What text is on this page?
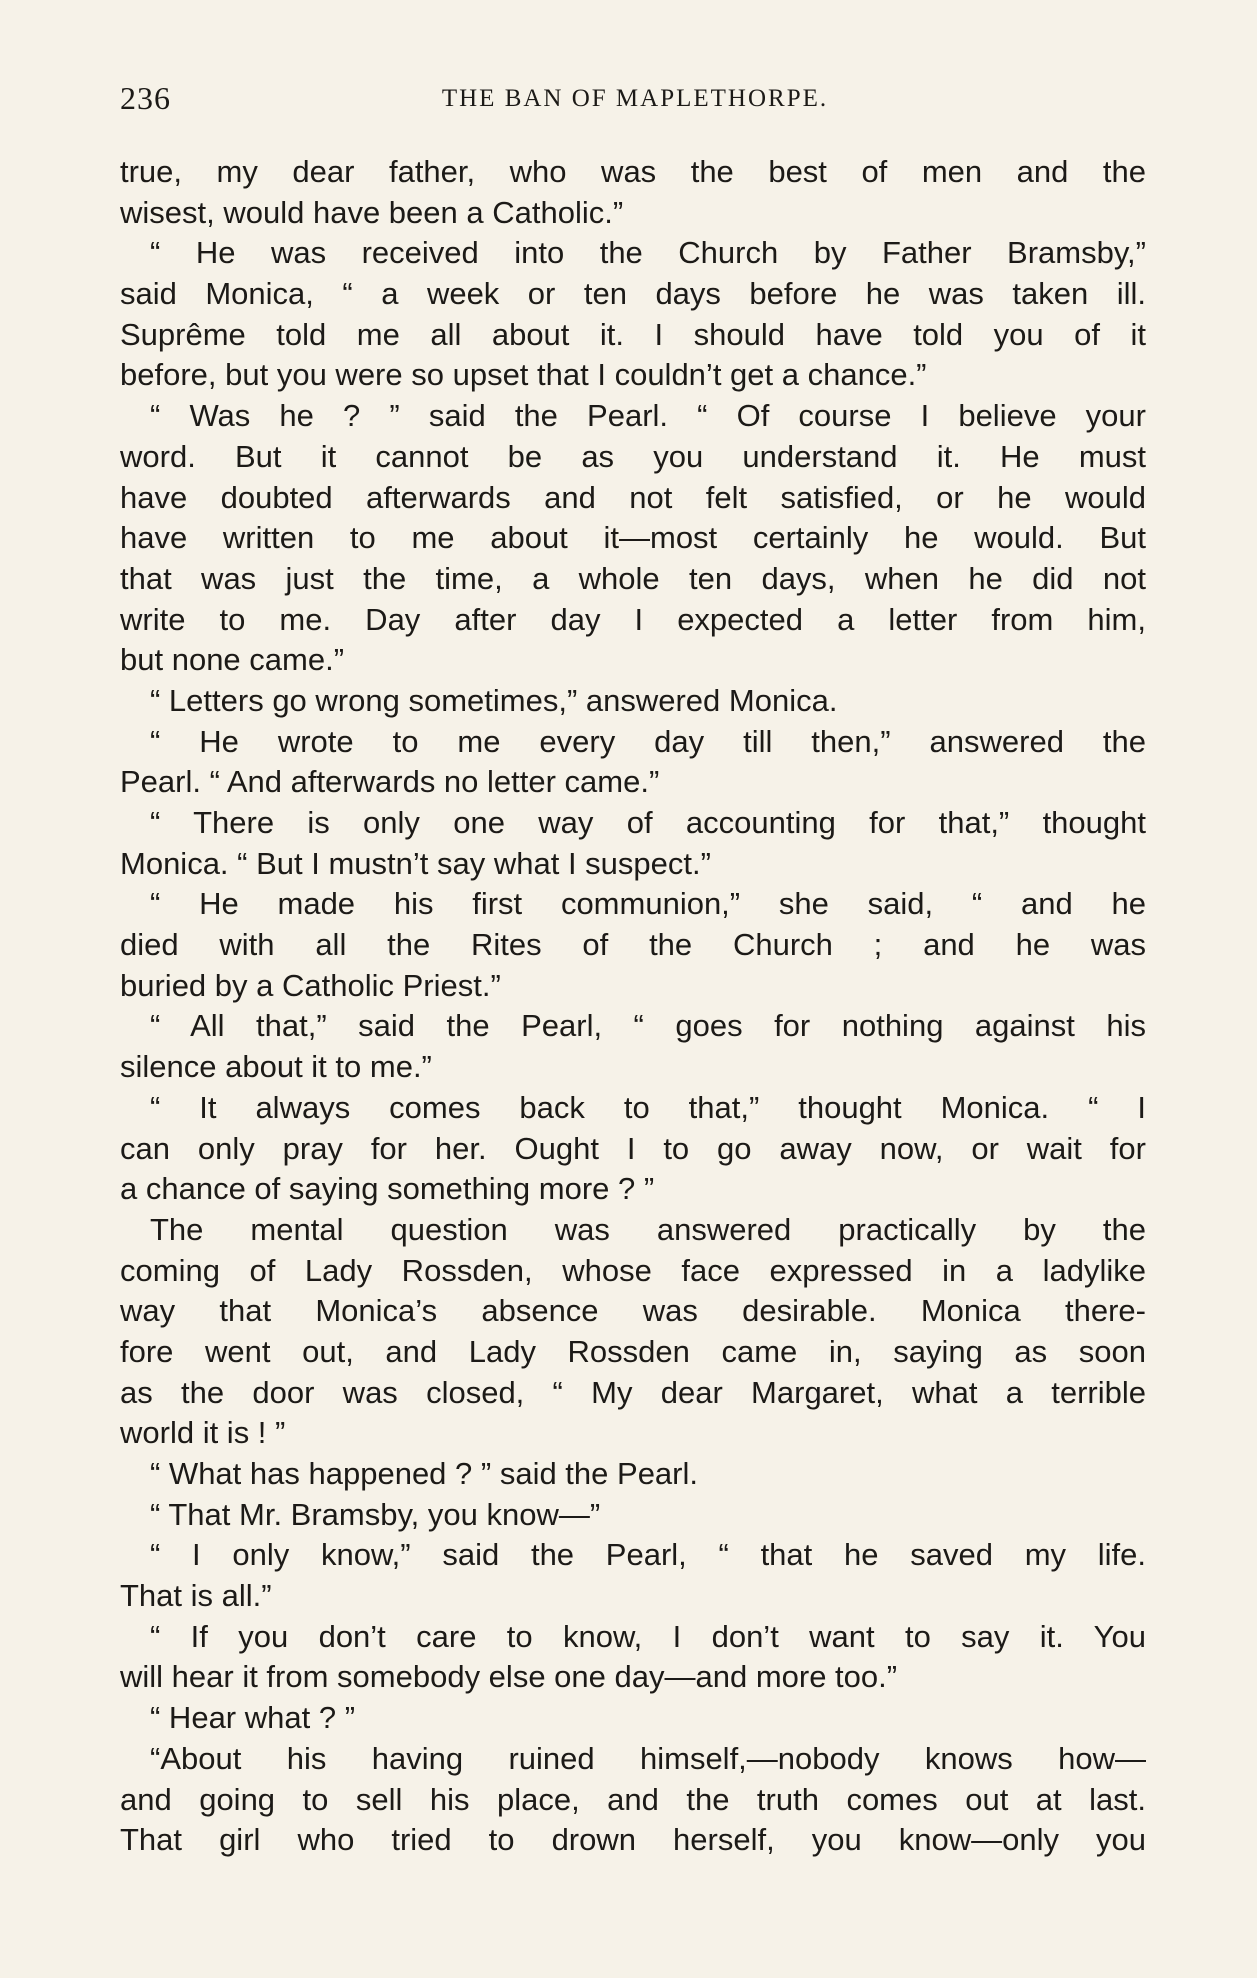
236	THE BAN OF MAPLETHORPE.
true, my dear father, who was the best of men and the
wisest, would have been a Catholic.”
“ He was received into the Church by Father Bramsby,”
said Monica, “ a week or ten days before he was taken ill.
Suprême told me all about it. I should have told you of it
before, but you were so upset that I couldn’t get a chance.”
“ Was he ? ” said the Pearl. “ Of course I believe your
word. But it cannot be as you understand it. He must
have doubted afterwards and not felt satisfied, or he would
have written to me about it—most certainly he would. But
that was just the time, a whole ten days, when he did not
write to me. Day after day I expected a letter from him,
but none came.”
“ Letters go wrong sometimes,” answered Monica.
“ He wrote to me every day till then,” answered the
Pearl. “ And afterwards no letter came.”
“ There is only one way of accounting for that,” thought
Monica. “ But I mustn’t say what I suspect.”
“ He made his first communion,” she said, “ and he
died with all the Rites of the Church ; and he was
buried by a Catholic Priest.”
“ All that,” said the Pearl, “ goes for nothing against his
silence about it to me.”
“ It always comes back to that,” thought Monica. “ I
can only pray for her. Ought I to go away now, or wait for
a chance of saying something more ? ”
The mental question was answered practically by the
coming of Lady Rossden, whose face expressed in a ladylike
way that Monica’s absence was desirable. Monica there-
fore went out, and Lady Rossden came in, saying as soon
as the door was closed, “ My dear Margaret, what a terrible
world it is ! ”
“ What has happened ? ” said the Pearl.
“ That Mr. Bramsby, you know—”
“ I only know,” said the Pearl, “ that he saved my life.
That is all.”
“ If you don’t care to know, I don’t want to say it. You
will hear it from somebody else one day—and more too.”
“ Hear what ? ”
“About his having ruined himself,—nobody knows how—
and going to sell his place, and the truth comes out at last.
That girl who tried to drown herself, you know—only you
